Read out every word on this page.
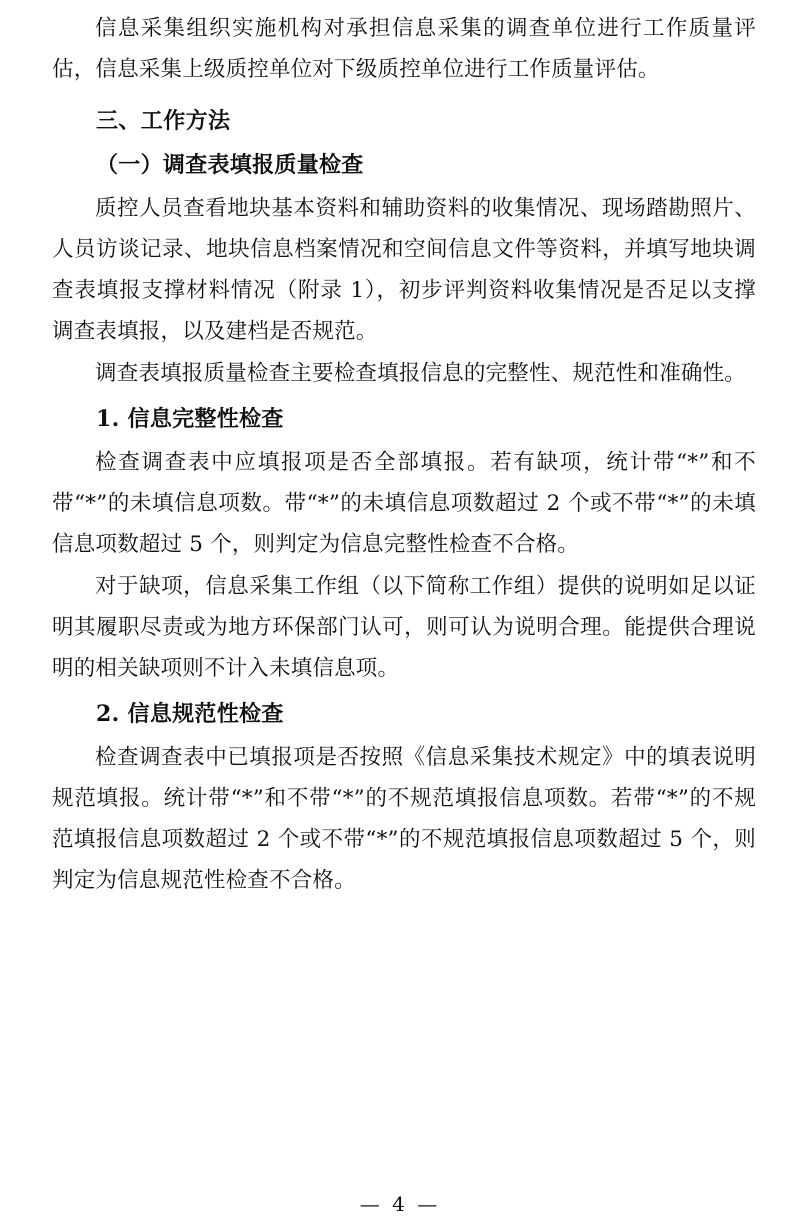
信息采集组织实施机构对承担信息采集的调查单位进行工作质量评估，信息采集上级质控单位对下级质控单位进行工作质量评估。

三、工作方法
（一）调查表填报质量检查

质控人员查看地块基本资料和辅助资料的收集情况、现场踏勘照片、人员访谈记录、地块信息档案情况和空间信息文件等资料，并填写地块调查表填报支撑材料情况（附录 1），初步评判资料收集情况是否足以支撑调查表填报，以及建档是否规范。

调查表填报质量检查主要检查填报信息的完整性、规范性和准确性。

1. 信息完整性检查

检查调查表中应填报项是否全部填报。若有缺项，统计带“*”和不带“*”的未填信息项数。带“*”的未填信息项数超过 2 个或不带“*”的未填信息项数超过 5 个，则判定为信息完整性检查不合格。

对于缺项，信息采集工作组（以下简称工作组）提供的说明如足以证明其履职尽责或为地方环保部门认可，则可认为说明合理。能提供合理说明的相关缺项则不计入未填信息项。

2. 信息规范性检查

检查调查表中已填报项是否按照《信息采集技术规定》中的填表说明规范填报。统计带“*”和不带“*”的不规范填报信息项数。若带“*”的不规范填报信息项数超过 2 个或不带“*”的不规范填报信息项数超过 5 个，则判定为信息规范性检查不合格。

— 4 —
